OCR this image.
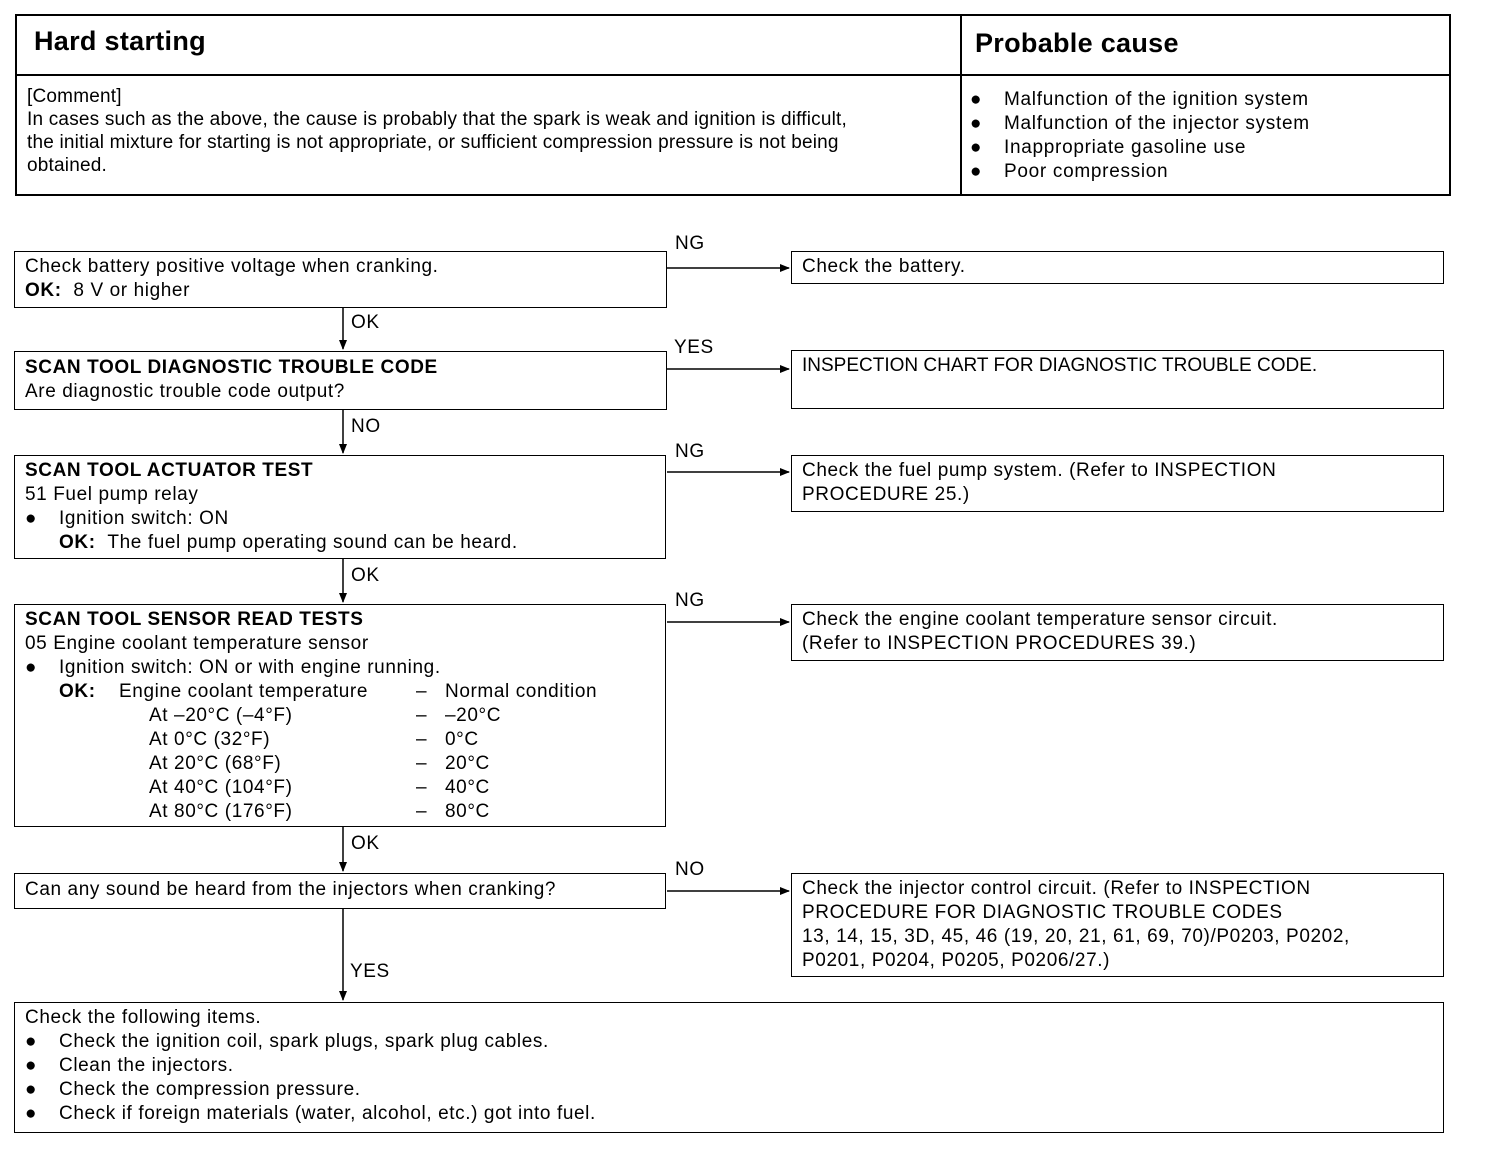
Hard starting	Probable cause
[Comment]
In cases such as the above, the cause is probably that the spark is weak and ignition is difficult,
the initial mixture for starting is not appropriate, or sufficient compression pressure is not being
obtained.
● Malfunction of the ignition system
● Malfunction of the injector system
● Inappropriate gasoline use
● Poor compression
NG
OK
YES
NO
NG
OK
NG
OK
NO
YES
Check battery positive voltage when cranking.
OK: 8 V or higher
SCAN TOOL DIAGNOSTIC TROUBLE CODE
Are diagnostic trouble code output?
SCAN TOOL ACTUATOR TEST
51 Fuel pump relay
● Ignition switch: ON
OK: The fuel pump operating sound can be heard.
SCAN TOOL SENSOR READ TESTS
05 Engine coolant temperature sensor
● Ignition switch: ON or with engine running.
OK: Engine coolant temperature	– Normal condition
At –20°C (–4°F)	– –20°C
At 0°C (32°F)	– 0°C
At 20°C (68°F)	– 20°C
At 40°C (104°F)	– 40°C
At 80°C (176°F)	– 80°C
Can any sound be heard from the injectors when cranking?
Check the following items.
● Check the ignition coil, spark plugs, spark plug cables.
● Clean the injectors.
● Check the compression pressure.
● Check if foreign materials (water, alcohol, etc.) got into fuel.
Check the battery.
INSPECTION CHART FOR DIAGNOSTIC TROUBLE CODE.
Check the fuel pump system. (Refer to INSPECTION
PROCEDURE 25.)
Check the engine coolant temperature sensor circuit.
(Refer to INSPECTION PROCEDURES 39.)
Check the injector control circuit. (Refer to INSPECTION
PROCEDURE FOR DIAGNOSTIC TROUBLE CODES
13, 14, 15, 3D, 45, 46 (19, 20, 21, 61, 69, 70)/P0203, P0202,
P0201, P0204, P0205, P0206/27.)
